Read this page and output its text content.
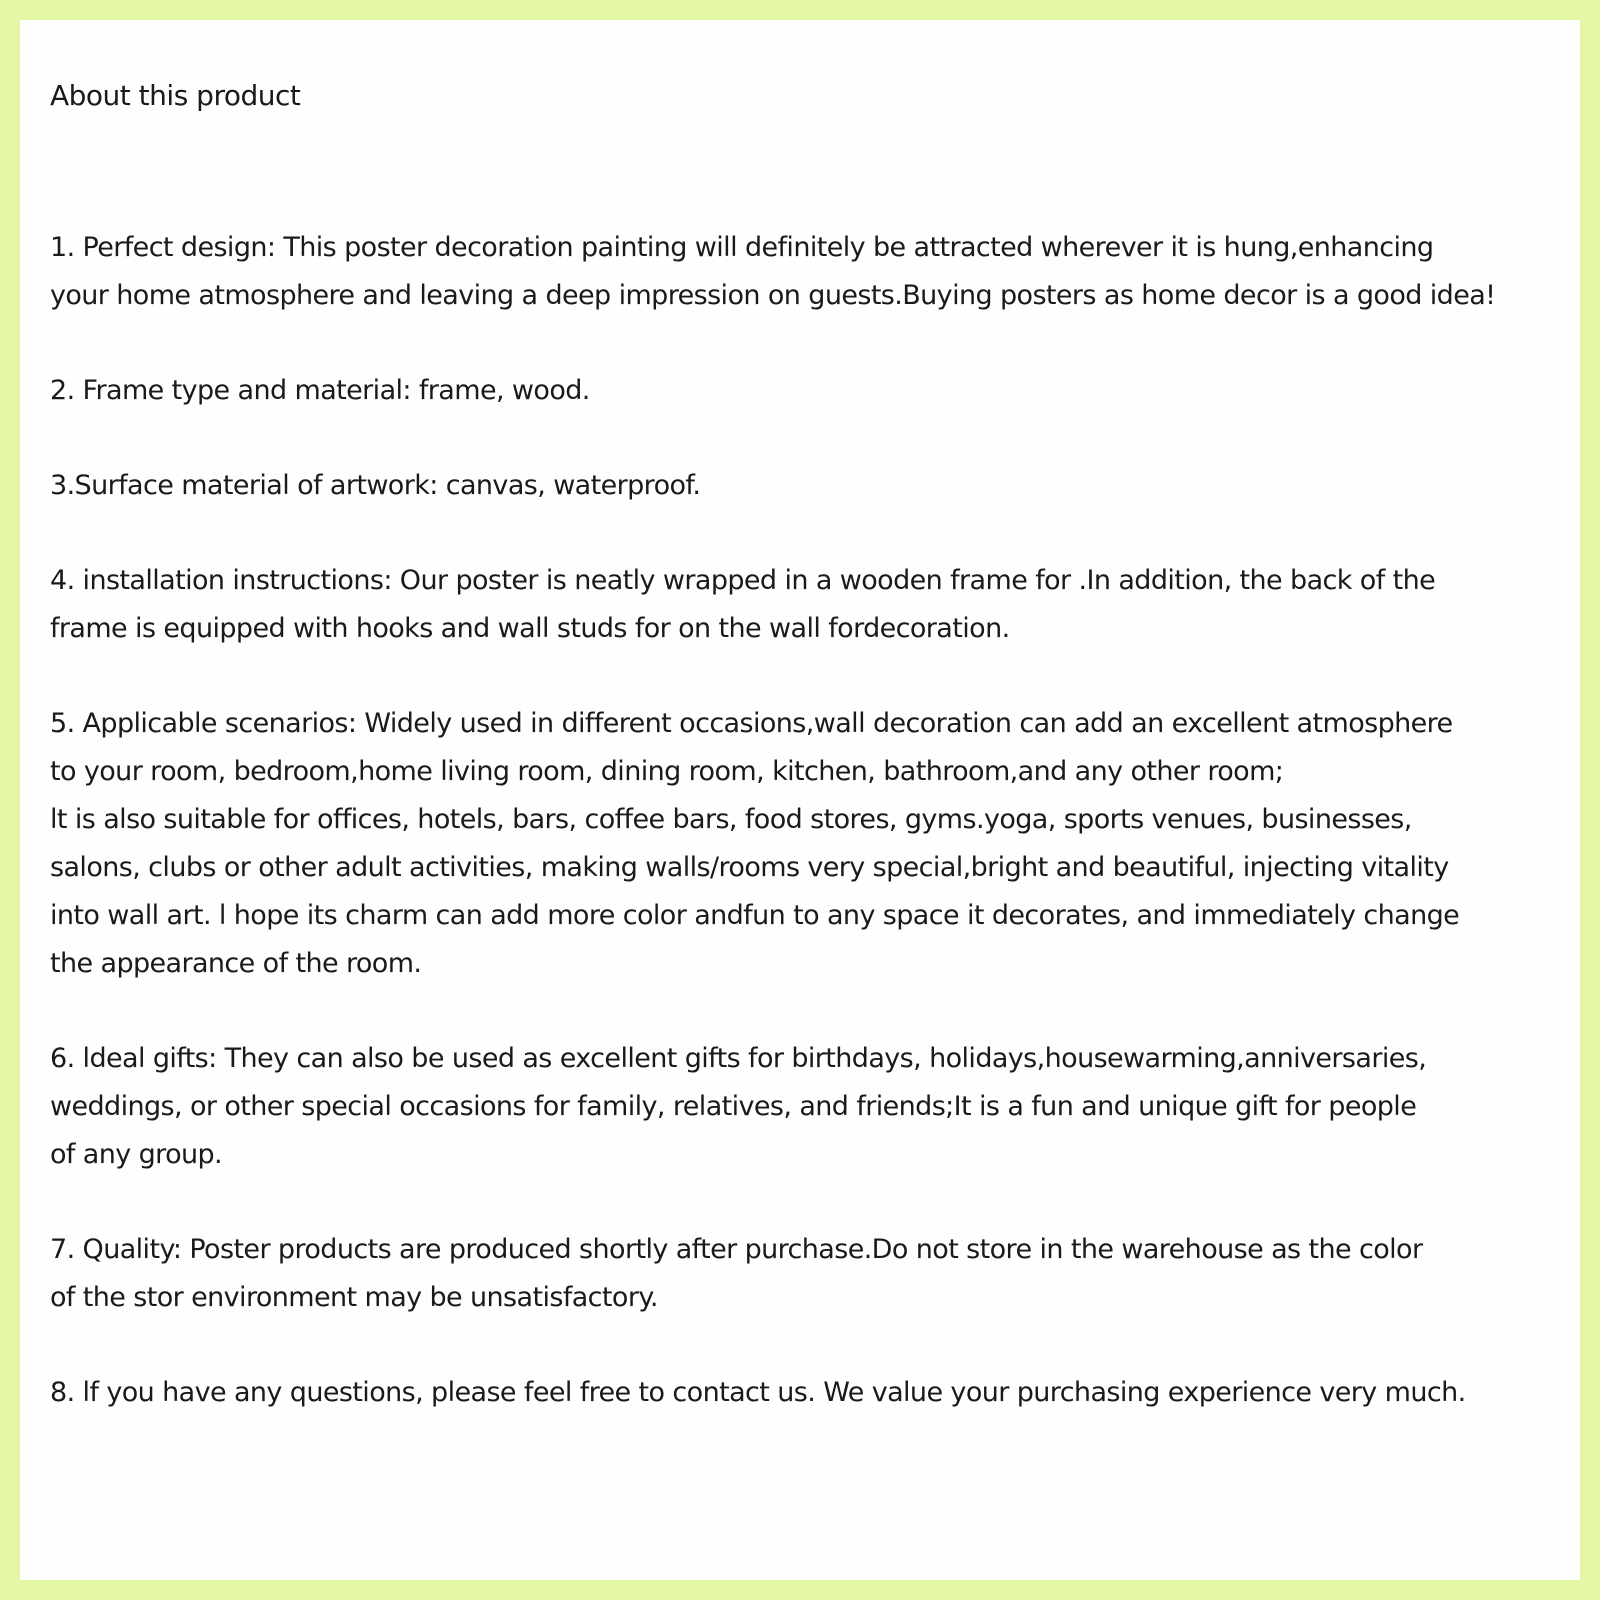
About this product

1. Perfect design: This poster decoration painting will definitely be attracted wherever it is hung,enhancing
your home atmosphere and leaving a deep impression on guests.Buying posters as home decor is a good idea!

2. Frame type and material: frame, wood.

3.Surface material of artwork: canvas, waterproof.

4. installation instructions: Our poster is neatly wrapped in a wooden frame for .In addition, the back of the
frame is equipped with hooks and wall studs for on the wall fordecoration.

5. Applicable scenarios: Widely used in different occasions,wall decoration can add an excellent atmosphere
to your room, bedroom,home living room, dining room, kitchen, bathroom,and any other room;
lt is also suitable for offices, hotels, bars, coffee bars, food stores, gyms.yoga, sports venues, businesses,
salons, clubs or other adult activities, making walls/rooms very special,bright and beautiful, injecting vitality
into wall art. l hope its charm can add more color andfun to any space it decorates, and immediately change
the appearance of the room.

6. ldeal gifts: They can also be used as excellent gifts for birthdays, holidays,housewarming,anniversaries,
weddings, or other special occasions for family, relatives, and friends;It is a fun and unique gift for people
of any group.

7. Quality: Poster products are produced shortly after purchase.Do not store in the warehouse as the color
of the stor environment may be unsatisfactory.

8. lf you have any questions, please feel free to contact us. We value your purchasing experience very much.
